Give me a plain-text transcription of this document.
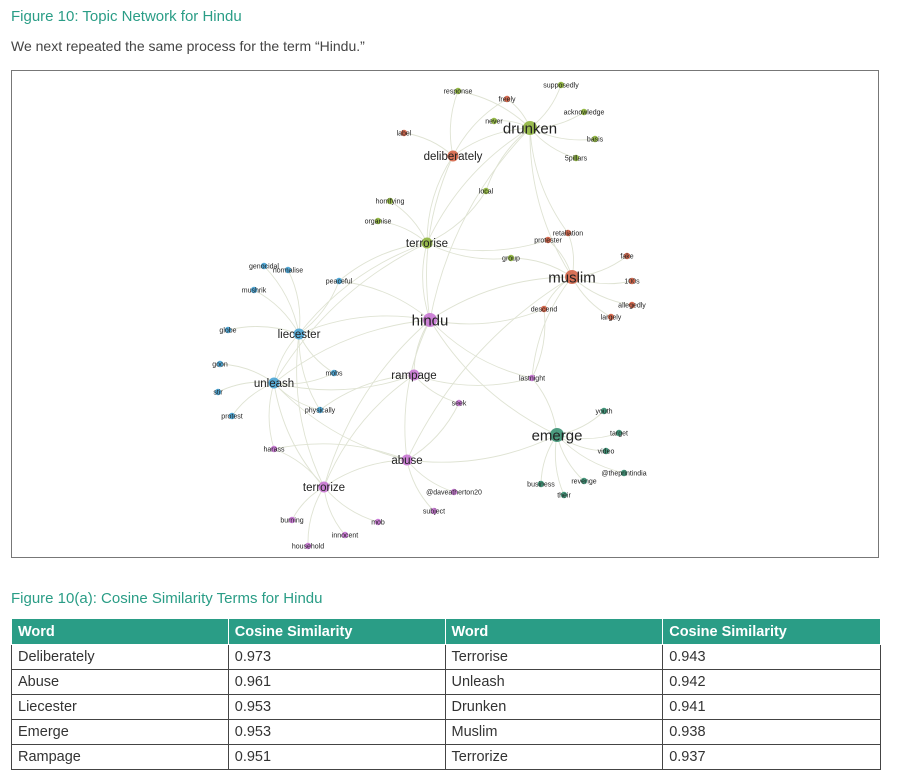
Figure 10: Topic Network for Hindu
We next repeated the same process for the term “Hindu.”
hindu
drunken
muslim
emerge
liecester
unleash
abuse
terrorize
rampage
terrorise
deliberately
response
freely
supposedly
acknowledge
never
label
basis
5pillars
local
horrifying
organise
retaliation
protester
genocidal
normalise
group	fake
peaceful
mushrik
100s
allegedly
descend
largely
globe
goon
mobs
lastnight
stir
seek
physically
protest
youth
target
harass	video
@theprintindia
revenge
business
@daveatherton20	their
subject
burning	mob
innocent
household
Figure 10(a): Cosine Similarity Terms for Hindu
Word	Cosine Similarity	Word	Cosine Similarity
Deliberately	0.973	Terrorise	0.943
Abuse	0.961	Unleash	0.942
Liecester	0.953	Drunken	0.941
Emerge	0.953	Muslim	0.938
Rampage	0.951	Terrorize	0.937
